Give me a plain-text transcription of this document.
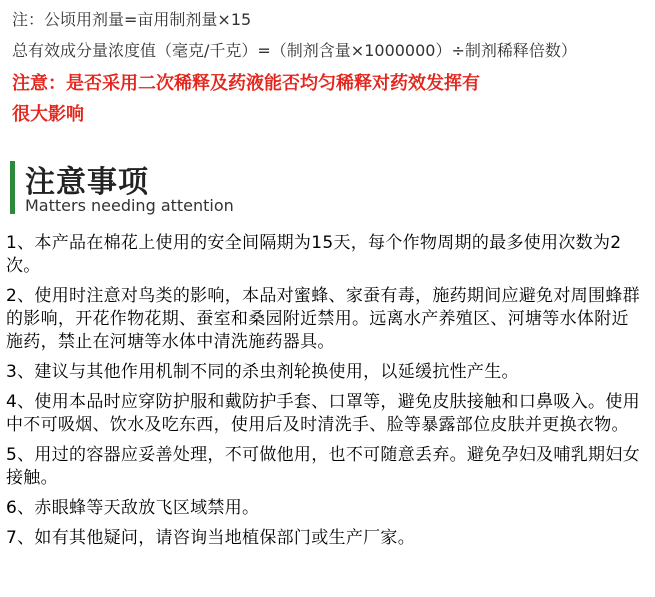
注：公顷用剂量=亩用制剂量×15
总有效成分量浓度值（毫克/千克）=（制剂含量×1000000）÷制剂稀释倍数）
注意：是否采用二次稀释及药液能否均匀稀释对药效发挥有
很大影响
注意事项
Matters needing attention
1、本产品在棉花上使用的安全间隔期为15天，每个作物周期的最多使用次数为2次。
2、使用时注意对鸟类的影响，本品对蜜蜂、家蚕有毒，施药期间应避免对周围蜂群的影响，开花作物花期、蚕室和桑园附近禁用。远离水产养殖区、河塘等水体附近施药，禁止在河塘等水体中清洗施药器具。
3、建议与其他作用机制不同的杀虫剂轮换使用，以延缓抗性产生。
4、使用本品时应穿防护服和戴防护手套、口罩等，避免皮肤接触和口鼻吸入。使用中不可吸烟、饮水及吃东西，使用后及时清洗手、脸等暴露部位皮肤并更换衣物。
5、用过的容器应妥善处理，不可做他用，也不可随意丢弃。避免孕妇及哺乳期妇女接触。
6、赤眼蜂等天敌放飞区域禁用。
7、如有其他疑问，请咨询当地植保部门或生产厂家。
